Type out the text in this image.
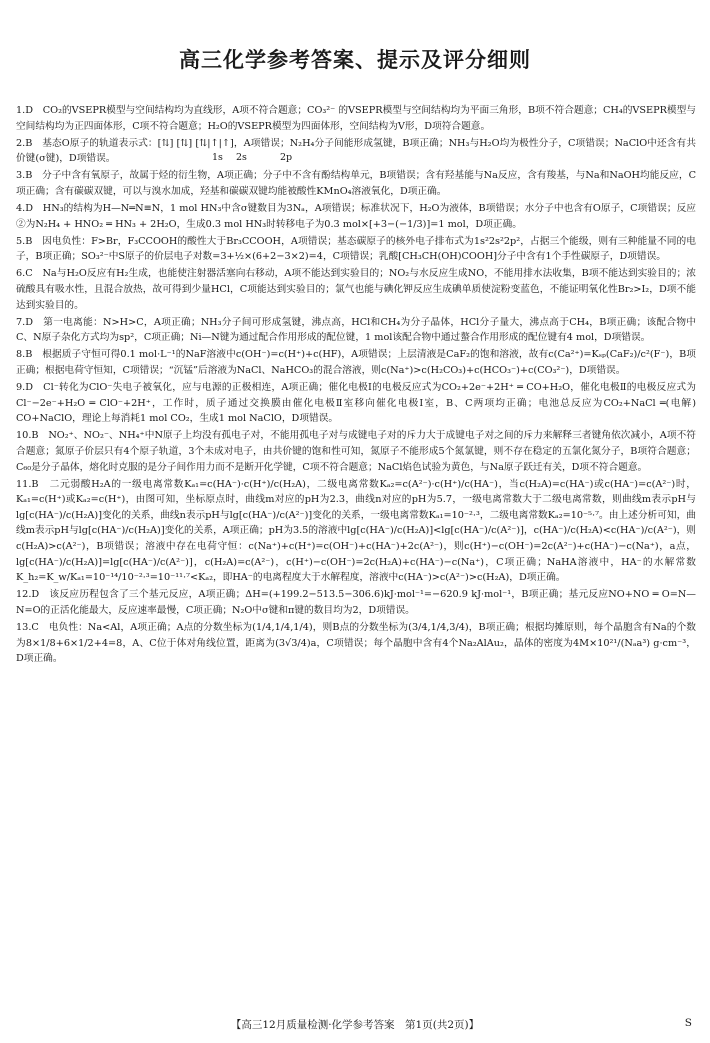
高三化学参考答案、提示及评分细则
1s 2s	2p

1.D　CO₂的VSEPR模型与空间结构均为直线形，A项不符合题意；CO₃²⁻ 的VSEPR模型与空间结构均为平面三角形，B项不符合题意；CH₄的VSEPR模型与空间结构均为正四面体形，C项不符合题意；H₂O的VSEPR模型为四面体形，空间结构为V形，D项符合题意。

2.B　基态O原子的轨道表示式：[⇅] [⇅] [⇅|↑|↑]，A项错误；N₂H₄分子间能形成氢键，B项正确；NH₃与H₂O均为极性分子，C项错误；NaClO中还含有共价键(σ键)，D项错误。

3.B　分子中含有氧原子，故属于烃的衍生物，A项正确；分子中不含有酚结构单元，B项错误；含有羟基能与Na反应，含有羧基，与Na和NaOH均能反应，C项正确；含有碳碳双键，可以与溴水加成，羟基和碳碳双键均能被酸性KMnO₄溶液氧化，D项正确。

4.D　HN₃的结构为H—N═N≡N，1 mol HN₃中含σ键数目为3Nₐ，A项错误；标准状况下，H₂O为液体，B项错误；水分子中也含有O原子，C项错误；反应②为N₂H₄ + HNO₂ ═ HN₃ + 2H₂O，生成0.3 mol HN₃时转移电子为0.3 mol×[+3−(−1/3)]=1 mol，D项正确。

5.B　因电负性：F>Br，F₃CCOOH的酸性大于Br₃CCOOH，A项错误；基态碳原子的核外电子排布式为1s²2s²2p²，占据三个能级，则有三种能量不同的电子，B项正确；SO₃²⁻中S原子的价层电子对数=3+½×(6+2−3×2)=4，C项错误；乳酸[CH₃CH(OH)COOH]分子中含有1个手性碳原子，D项错误。

6.C　Na与H₂O反应有H₂生成，也能使注射器活塞向右移动，A项不能达到实验目的；NO₂与水反应生成NO，不能用排水法收集，B项不能达到实验目的；浓硫酸具有吸水性，且混合放热，故可得到少量HCl，C项能达到实验目的；氯气也能与碘化钾反应生成碘单质使淀粉变蓝色，不能证明氧化性Br₂>I₂，D项不能达到实验目的。

7.D　第一电离能：N>H>C，A项正确；NH₃分子间可形成氢键，沸点高，HCl和CH₄为分子晶体，HCl分子量大，沸点高于CH₄，B项正确；该配合物中C、N原子杂化方式均为sp²，C项正确；Ni—N键为通过配合作用形成的配位键，1 mol该配合物中通过螯合作用形成的配位键有4 mol，D项错误。

8.B　根据质子守恒可得0.1 mol·L⁻¹的NaF溶液中c(OH⁻)=c(H⁺)+c(HF)，A项错误；上层清液是CaF₂的饱和溶液，故有c(Ca²⁺)=Kₛₚ(CaF₂)/c²(F⁻)，B项正确；根据电荷守恒知，C项错误；“沉锰”后溶液为NaCl、NaHCO₃的混合溶液，则c(Na⁺)>c(H₂CO₃)+c(HCO₃⁻)+c(CO₃²⁻)，D项错误。

9.D　Cl⁻转化为ClO⁻失电子被氧化，应与电源的正极相连，A项正确；催化电极Ⅰ的电极反应式为CO₂+2e⁻+2H⁺ ═ CO+H₂O，催化电极Ⅱ的电极反应式为Cl⁻−2e⁻+H₂O ═ ClO⁻+2H⁺，工作时，质子通过交换膜由催化电极Ⅱ室移向催化电极Ⅰ室，B、C两项均正确；电池总反应为CO₂+NaCl ═(电解) CO+NaClO，理论上每消耗1 mol CO₂，生成1 mol NaClO，D项错误。

10.B　NO₂⁺、NO₂⁻、NH₄⁺中N原子上均没有孤电子对，不能用孤电子对与成键电子对的斥力大于成键电子对之间的斥力来解释三者键角依次减小，A项不符合题意；氮原子价层只有4个原子轨道，3个未成对电子，由共价键的饱和性可知，氮原子不能形成5个氮氯键，则不存在稳定的五氯化氮分子，B项符合题意；C₆₀是分子晶体，熔化时克服的是分子间作用力而不是断开化学键，C项不符合题意；NaCl焰色试验为黄色，与Na原子跃迁有关，D项不符合题意。

11.B　二元弱酸H₂A的一级电离常数Kₐ₁=c(HA⁻)·c(H⁺)/c(H₂A)，二级电离常数Kₐ₂=c(A²⁻)·c(H⁺)/c(HA⁻)，当c(H₂A)=c(HA⁻)或c(HA⁻)=c(A²⁻)时，Kₐ₁=c(H⁺)或Kₐ₂=c(H⁺)，由图可知，坐标原点时，曲线m对应的pH为2.3，曲线n对应的pH为5.7，一级电离常数大于二级电离常数，则曲线m表示pH与lg[c(HA⁻)/c(H₂A)]变化的关系，曲线n表示pH与lg[c(HA⁻)/c(A²⁻)]变化的关系，一级电离常数Kₐ₁=10⁻²·³，二级电离常数Kₐ₂=10⁻⁵·⁷。由上述分析可知，曲线m表示pH与lg[c(HA⁻)/c(H₂A)]变化的关系，A项正确；pH为3.5的溶液中lg[c(HA⁻)/c(H₂A)]<lg[c(HA⁻)/c(A²⁻)]，c(HA⁻)/c(H₂A)<c(HA⁻)/c(A²⁻)，则c(H₂A)>c(A²⁻)，B项错误；溶液中存在电荷守恒：c(Na⁺)+c(H⁺)=c(OH⁻)+c(HA⁻)+2c(A²⁻)，则c(H⁺)−c(OH⁻)=2c(A²⁻)+c(HA⁻)−c(Na⁺)，a点，lg[c(HA⁻)/c(H₂A)]=lg[c(HA⁻)/c(A²⁻)]，c(H₂A)=c(A²⁻)，c(H⁺)−c(OH⁻)=2c(H₂A)+c(HA⁻)−c(Na⁺)，C项正确；NaHA溶液中，HA⁻的水解常数K_h₂=K_w/Kₐ₁=10⁻¹⁴/10⁻²·³=10⁻¹¹·⁷<Kₐ₂，即HA⁻的电离程度大于水解程度，溶液中c(HA⁻)>c(A²⁻)>c(H₂A)，D项正确。

12.D　该反应历程包含了三个基元反应，A项正确；ΔH=(+199.2−513.5−306.6)kJ·mol⁻¹=−620.9 kJ·mol⁻¹，B项正确；基元反应NO+NO ═ O=N—N=O的正活化能最大，反应速率最慢，C项正确；N₂O中σ键和π键的数目均为2，D项错误。

13.C　电负性：Na<Al，A项正确；A点的分数坐标为(1/4,1/4,1/4)，则B点的分数坐标为(3/4,1/4,3/4)，B项正确；根据均摊原则，每个晶胞含有Na的个数为8×1/8+6×1/2+4=8，A、C位于体对角线位置，距离为(3√3/4)a，C项错误；每个晶胞中含有4个Na₂AlAu₂，晶体的密度为4M×10²¹/(Nₐa³) g·cm⁻³，D项正确。

【高三12月质量检测·化学参考答案　第1页(共2页)】	S
